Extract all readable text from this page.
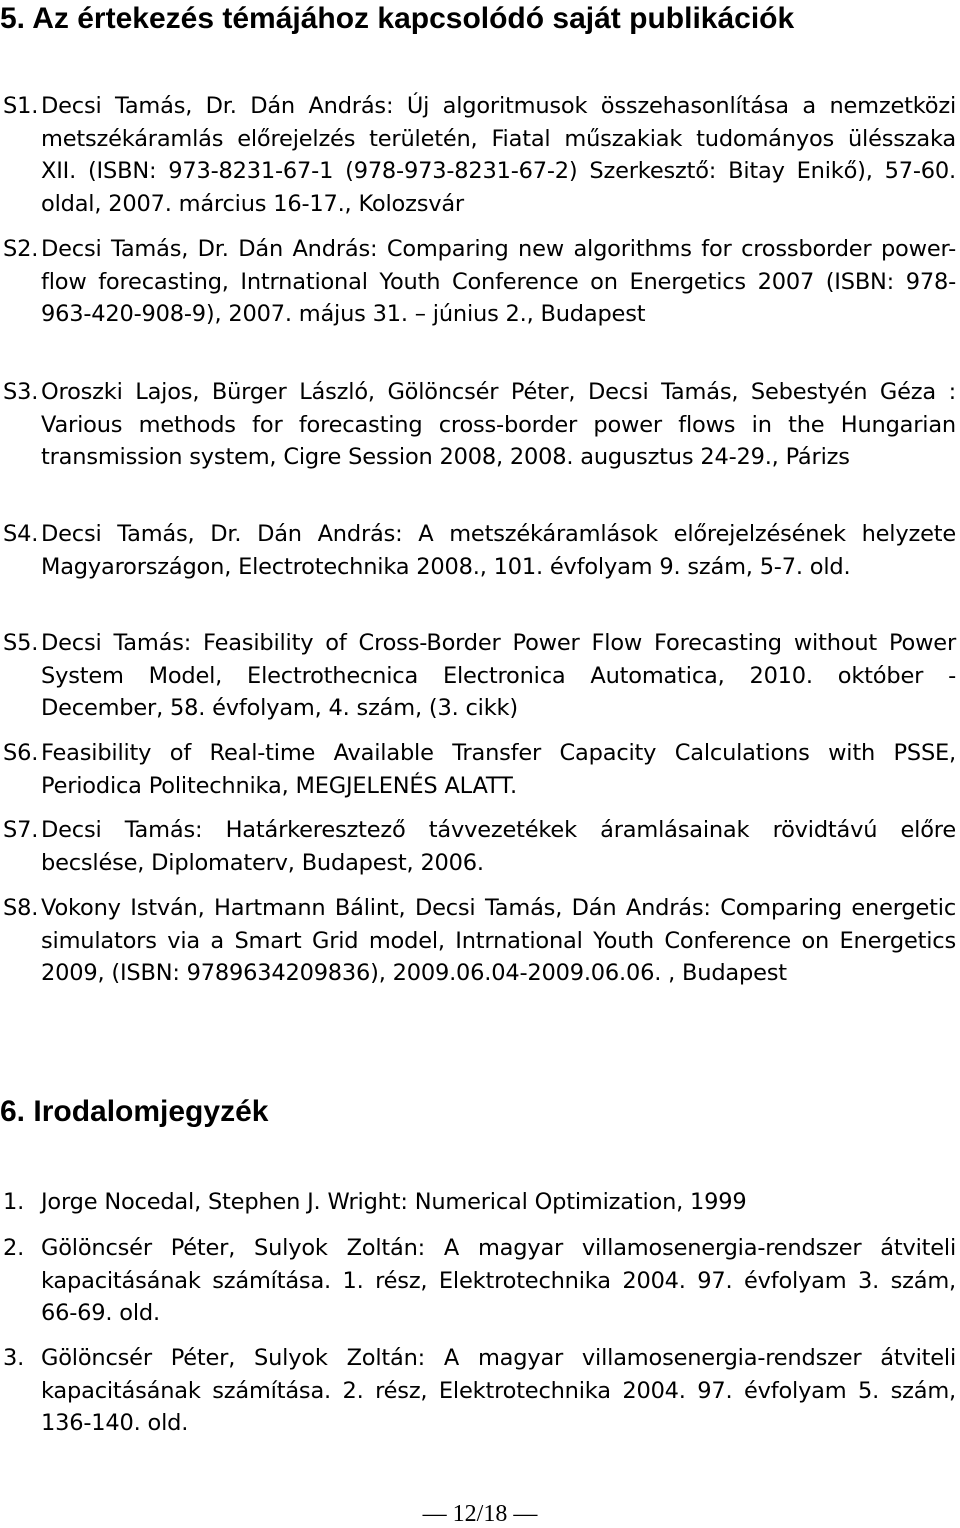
5. Az értekezés témájához kapcsolódó saját publikációk
S1. Decsi Tamás, Dr. Dán András: Új algoritmusok összehasonlítása a nemzetközi metszékáramlás előrejelzés területén, Fiatal műszakiak tudományos ülésszaka XII. (ISBN: 973-8231-67-1 (978-973-8231-67-2) Szerkesztő: Bitay Enikő), 57-60. oldal, 2007. március 16-17., Kolozsvár
S2. Decsi Tamás, Dr. Dán András: Comparing new algorithms for crossborder power-flow forecasting, Intrnational Youth Conference on Energetics 2007 (ISBN: 978-963-420-908-9), 2007. május 31. – június 2., Budapest
S3. Oroszki Lajos, Bürger László, Gölöncsér Péter, Decsi Tamás, Sebestyén Géza : Various methods for forecasting cross-border power flows in the Hungarian transmission system, Cigre Session 2008, 2008. augusztus 24-29., Párizs
S4. Decsi Tamás, Dr. Dán András: A metszékáramlások előrejelzésének helyzete Magyarországon, Electrotechnika 2008., 101. évfolyam 9. szám, 5-7. old.
S5. Decsi Tamás: Feasibility of Cross-Border Power Flow Forecasting without Power System Model, Electrothecnica Electronica Automatica, 2010. október - December, 58. évfolyam, 4. szám, (3. cikk)
S6. Feasibility of Real-time Available Transfer Capacity Calculations with PSSE, Periodica Politechnika, MEGJELENÉS ALATT.
S7. Decsi Tamás: Határkeresztező távvezetékek áramlásainak rövidtávú előre becslése, Diplomaterv, Budapest, 2006.
S8. Vokony István, Hartmann Bálint, Decsi Tamás, Dán András: Comparing energetic simulators via a Smart Grid model, Intrnational Youth Conference on Energetics 2009, (ISBN: 9789634209836), 2009.06.04-2009.06.06. , Budapest
6. Irodalomjegyzék
1. Jorge Nocedal, Stephen J. Wright: Numerical Optimization, 1999
2. Gölöncsér Péter, Sulyok Zoltán: A magyar villamosenergia-rendszer átviteli kapacitásának számítása. 1. rész, Elektrotechnika 2004. 97. évfolyam 3. szám, 66-69. old.
3. Gölöncsér Péter, Sulyok Zoltán: A magyar villamosenergia-rendszer átviteli kapacitásának számítása. 2. rész, Elektrotechnika 2004. 97. évfolyam 5. szám, 136-140. old.
— 12/18 —
